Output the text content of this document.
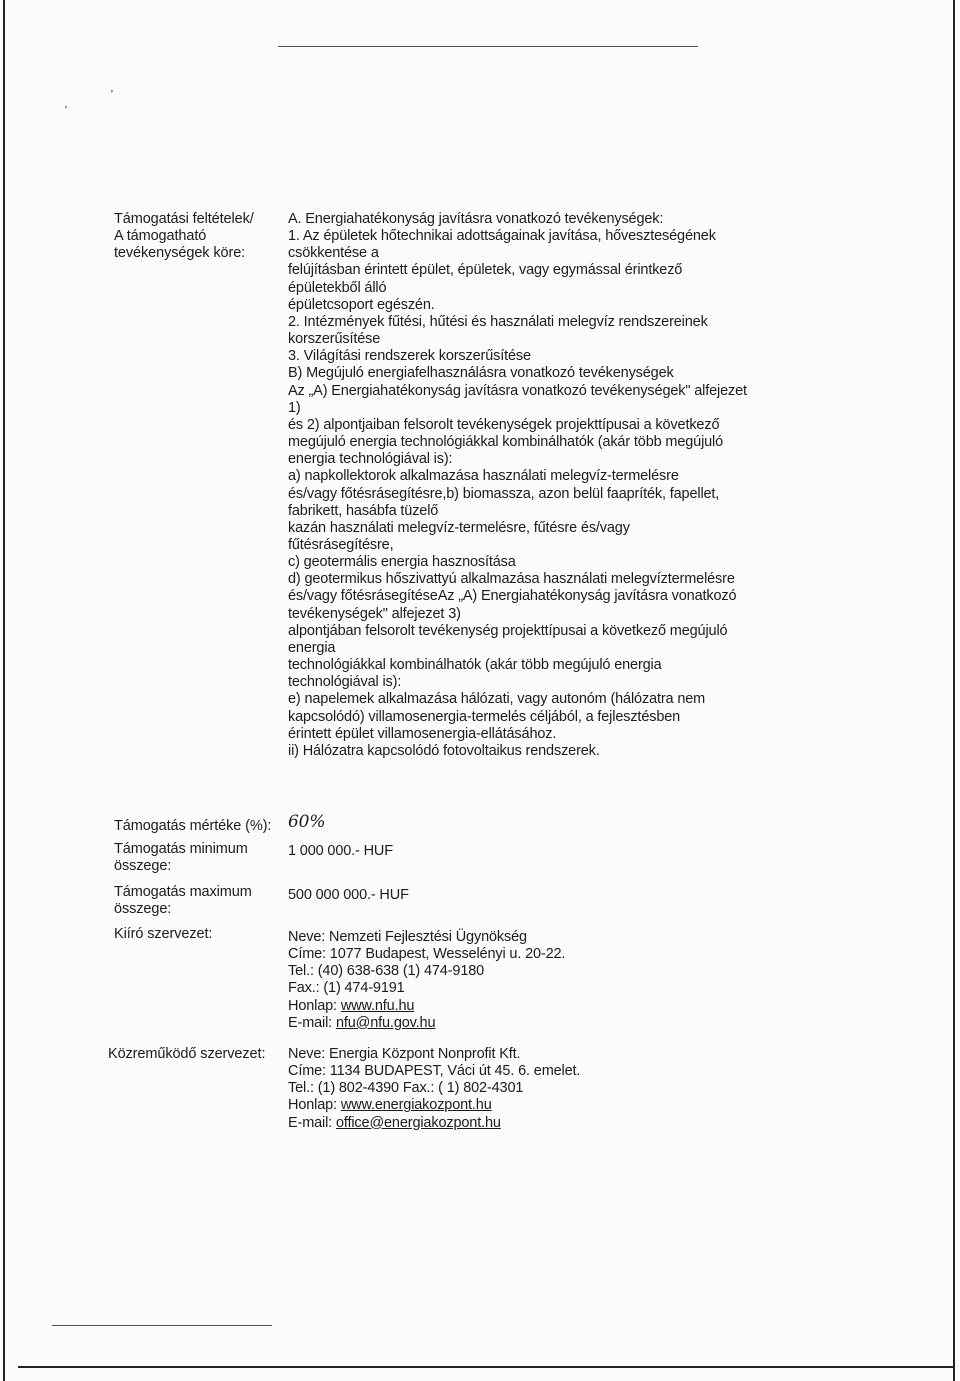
ʼ
‚
Támogatási feltételek/
A támogatható
tevékenységek köre:
A. Energiahatékonyság javításra vonatkozó tevékenységek:
1. Az épületek hőtechnikai adottságainak javítása, hőveszteségének
csökkentése a
felújításban érintett épület, épületek, vagy egymással érintkező
épületekből álló
épületcsoport egészén.
2. Intézmények fűtési, hűtési és használati melegvíz rendszereinek
korszerűsítése
3. Világítási rendszerek korszerűsítése
B) Megújuló energiafelhasználásra vonatkozó tevékenységek
Az „A) Energiahatékonyság javításra vonatkozó tevékenységek" alfejezet
1)
és 2) alpontjaiban felsorolt tevékenységek projekttípusai a következő
megújuló energia technológiákkal kombinálhatók (akár több megújuló
energia technológiával is):
a) napkollektorok alkalmazása használati melegvíz-termelésre
és/vagy főtésrásegítésre,b) biomassza, azon belül faapríték, fapellet,
fabrikett, hasábfa tüzelő
kazán használati melegvíz-termelésre, fűtésre és/vagy
fűtésrásegítésre,
c) geotermális energia hasznosítása
d) geotermikus hőszivattyú alkalmazása használati melegvíztermelésre
és/vagy főtésrásegítéseAz „A) Energiahatékonyság javításra vonatkozó
tevékenységek" alfejezet 3)
alpontjában felsorolt tevékenység projekttípusai a következő megújuló
energia
technológiákkal kombinálhatók (akár több megújuló energia
technológiával is):
e) napelemek alkalmazása hálózati, vagy autonóm (hálózatra nem
kapcsolódó) villamosenergia-termelés céljából, a fejlesztésben
érintett épület villamosenergia-ellátásához.
ii) Hálózatra kapcsolódó fotovoltaikus rendszerek.
Támogatás mértéke (%): 60%
Támogatás minimum
összege:
1 000 000.- HUF
Támogatás maximum
összege:
500 000 000.- HUF
Kiíró szervezet:	Neve: Nemzeti Fejlesztési Ügynökség
Címe: 1077 Budapest, Wesselényi u. 20-22.
Tel.: (40) 638-638 (1) 474-9180
Fax.: (1) 474-9191
Honlap: www.nfu.hu
E-mail: nfu@nfu.gov.hu
Közreműködő szervezet: Neve: Energia Központ Nonprofit Kft.
Címe: 1134 BUDAPEST, Váci út 45. 6. emelet.
Tel.: (1) 802-4390 Fax.: ( 1) 802-4301
Honlap: www.energiakozpont.hu
E-mail: office@energiakozpont.hu
